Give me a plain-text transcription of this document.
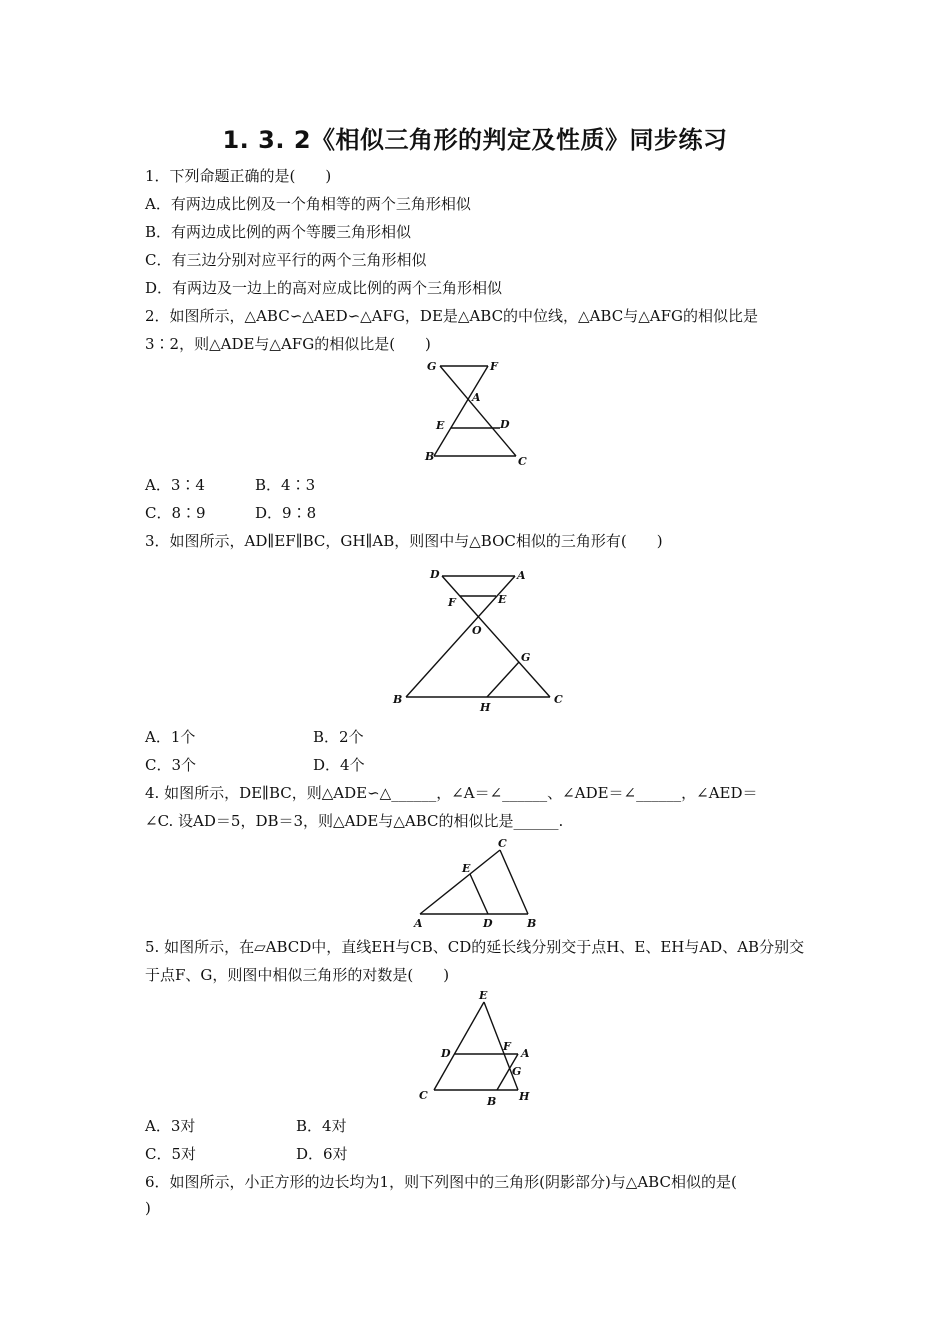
1. 3. 2《相似三角形的判定及性质》同步练习
1．下列命题正确的是(　　)
A．有两边成比例及一个角相等的两个三角形相似
B．有两边成比例的两个等腰三角形相似
C．有三边分别对应平行的两个三角形相似
D．有两边及一边上的高对应成比例的两个三角形相似
2．如图所示，△ABC∽△AED∽△AFG，DE是△ABC的中位线，△ABC与△AFG的相似比是
3∶2，则△ADE与△AFG的相似比是(　　)
G	F
A
E	D
B	C
A．3∶4	B．4∶3
C．8∶9	D．9∶8
3．如图所示，AD∥EF∥BC，GH∥AB，则图中与△BOC相似的三角形有(　　)
D	A
F	E
O
G
B
H
C
A．1个	B．2个
C．3个	D．4个
4. 如图所示，DE∥BC，则△ADE∽△______，∠A＝∠______、∠ADE＝∠______，∠AED＝
∠C. 设AD＝5，DB＝3，则△ADE与△ABC的相似比是______.
C
E
A	D	B
5. 如图所示，在▱ABCD中，直线EH与CB、CD的延长线分别交于点H、E、EH与AD、AB分别交
于点F、G，则图中相似三角形的对数是(　　)
E
D
F
A
G
C	B H
A．3对	B．4对
C．5对	D．6对
6．如图所示，小正方形的边长均为1，则下列图中的三角形(阴影部分)与△ABC相似的是(
)
